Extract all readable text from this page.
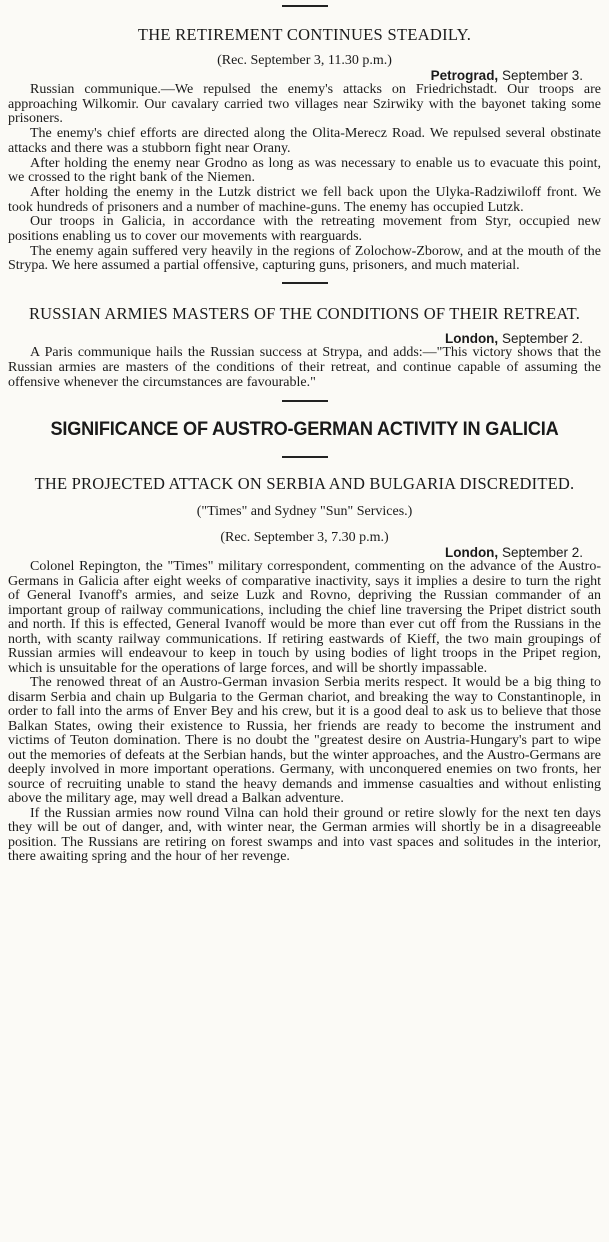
THE RETIREMENT CONTINUES STEADILY.
(Rec. September 3, 11.30 p.m.)
Petrograd, September 3.

Russian communique.—We repulsed the enemy's attacks on Friedrichstadt. Our troops are approaching Wilkomir. Our cavalary carried two villages near Szirwiky with the bayonet taking some prisoners.

The enemy's chief efforts are directed along the Olita-Merecz Road. We repulsed several obstinate attacks and there was a stubborn fight near Orany.

After holding the enemy near Grodno as long as was necessary to enable us to evacuate this point, we crossed to the right bank of the Niemen.

After holding the enemy in the Lutzk district we fell back upon the Ulyka-Radziwiloff front. We took hundreds of prisoners and a number of machine-guns. The enemy has occupied Lutzk.

Our troops in Galicia, in accordance with the retreating movement from Styr, occupied new positions enabling us to cover our movements with rearguards.

The enemy again suffered very heavily in the regions of Zolochow-Zborow, and at the mouth of the Strypa. We here assumed a partial offensive, capturing guns, prisoners, and much material.

RUSSIAN ARMIES MASTERS OF THE CONDITIONS OF THEIR RETREAT.
London, September 2.

A Paris communique hails the Russian success at Strypa, and adds:—"This victory shows that the Russian armies are masters of the conditions of their retreat, and continue capable of assuming the offensive whenever the circumstances are favourable."

SIGNIFICANCE OF AUSTRO-GERMAN ACTIVITY IN GALICIA
THE PROJECTED ATTACK ON SERBIA AND BULGARIA DISCREDITED.
("Times" and Sydney "Sun" Services.)
(Rec. September 3, 7.30 p.m.)
London, September 2.

Colonel Repington, the "Times" military correspondent, commenting on the advance of the Austro-Germans in Galicia after eight weeks of comparative inactivity, says it implies a desire to turn the right of General Ivanoff's armies, and seize Luzk and Rovno, depriving the Russian commander of an important group of railway communications, including the chief line traversing the Pripet district south and north. If this is effected, General Ivanoff would be more than ever cut off from the Russians in the north, with scanty railway communications. If retiring eastwards of Kieff, the two main groupings of Russian armies will endeavour to keep in touch by using bodies of light troops in the Pripet region, which is unsuitable for the operations of large forces, and will be shortly impassable.

The renowed threat of an Austro-German invasion Serbia merits respect. It would be a big thing to disarm Serbia and chain up Bulgaria to the German chariot, and breaking the way to Constantinople, in order to fall into the arms of Enver Bey and his crew, but it is a good deal to ask us to believe that those Balkan States, owing their existence to Russia, her friends are ready to become the instrument and victims of Teuton domination. There is no doubt the "greatest desire on Austria-Hungary's part to wipe out the memories of defeats at the Serbian hands, but the winter approaches, and the Austro-Germans are deeply involved in more important operations. Germany, with unconquered enemies on two fronts, her source of recruiting unable to stand the heavy demands and immense casualties and without enlisting above the military age, may well dread a Balkan adventure.

If the Russian armies now round Vilna can hold their ground or retire slowly for the next ten days they will be out of danger, and, with winter near, the German armies will shortly be in a disagreeable position. The Russians are retiring on forest swamps and into vast spaces and solitudes in the interior, there awaiting spring and the hour of her revenge.
